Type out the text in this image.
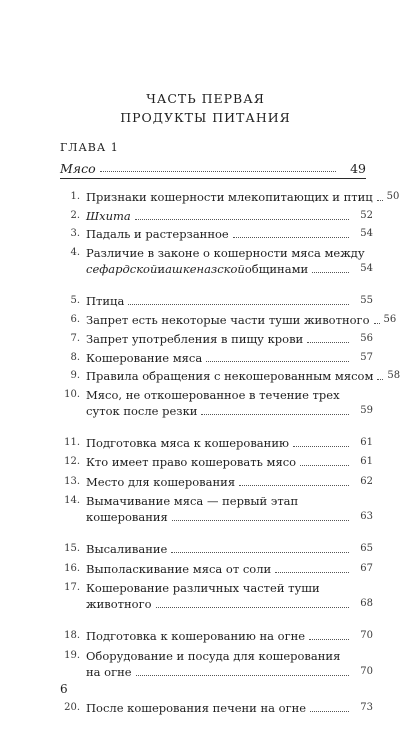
ЧАСТЬ ПЕРВАЯ
ПРОДУКТЫ ПИТАНИЯ
ГЛАВА 1
Мясо	49
1. Признаки кошерности млекопитающих и птиц 50
2. Шхита	52
3. Падаль и растерзанное	54
4. Различие в законе о кошерности мяса между
сефардской и ашкеназской общинами	54
5. Птица	55
6. Запрет есть некоторые части туши животного 56
7. Запрет употребления в пищу крови	56
8. Кошерование мяса	57
9. Правила обращения с некошерованным мясом 58
10. Мясо, не откошерованное в течение трех
суток после резки	59
11. Подготовка мяса к кошерованию	61
12. Кто имеет право кошеровать мясо	61
13. Место для кошерования	62
14. Вымачивание мяса — первый этап
кошерования	63
15. Высаливание	65
16. Выполаскивание мяса от соли	67
17. Кошерование различных частей туши
животного	68
18. Подготовка к кошерованию на огне	70
19. Оборудование и посуда для кошерования
на огне	70
20. После кошерования печени на огне	73
6
